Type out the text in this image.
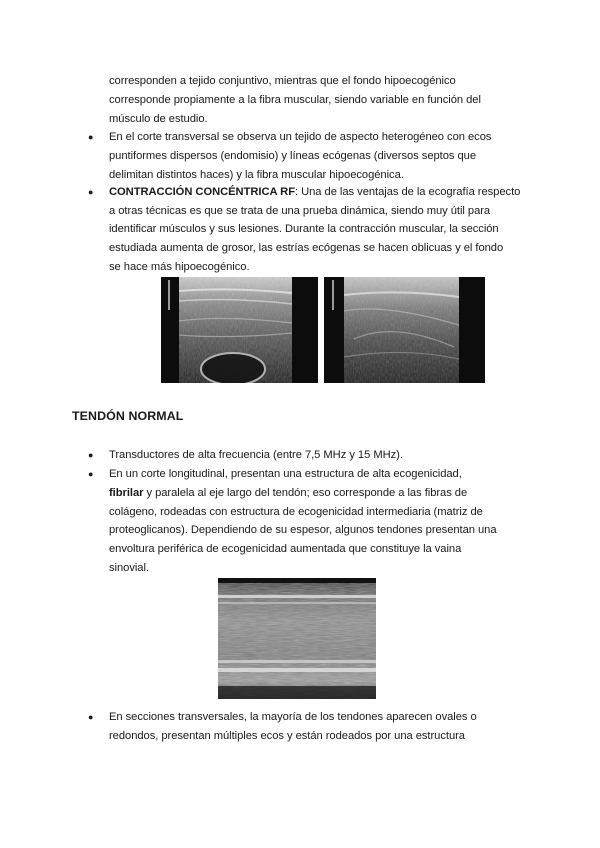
corresponden a tejido conjuntivo, mientras que el fondo hipoecogénico
corresponde propiamente a la fibra muscular, siendo variable en función del
músculo de estudio.
● En el corte transversal se observa un tejido de aspecto heterogéneo con ecos
puntiformes dispersos (endomisio) y líneas ecógenas (diversos septos que
delimitan distintos haces) y la fibra muscular hipoecogénica.
● CONTRACCIÓN CONCÉNTRICA RF: Una de las ventajas de la ecografía respecto
a otras técnicas es que se trata de una prueba dinámica, siendo muy útil para
identificar músculos y sus lesiones. Durante la contracción muscular, la sección
estudiada aumenta de grosor, las estrías ecógenas se hacen oblicuas y el fondo
se hace más hipoecogénico.
TENDÓN NORMAL
● Transductores de alta frecuencia (entre 7,5 MHz y 15 MHz).
● En un corte longitudinal, presentan una estructura de alta ecogenicidad,
fibrilar y paralela al eje largo del tendón; eso corresponde a las fibras de
colágeno, rodeadas con estructura de ecogenicidad intermediaria (matriz de
proteoglicanos). Dependiendo de su espesor, algunos tendones presentan una
envoltura periférica de ecogenicidad aumentada que constituye la vaina
sinovial.
● En secciones transversales, la mayoría de los tendones aparecen ovales o
redondos, presentan múltiples ecos y están rodeados por una estructura
